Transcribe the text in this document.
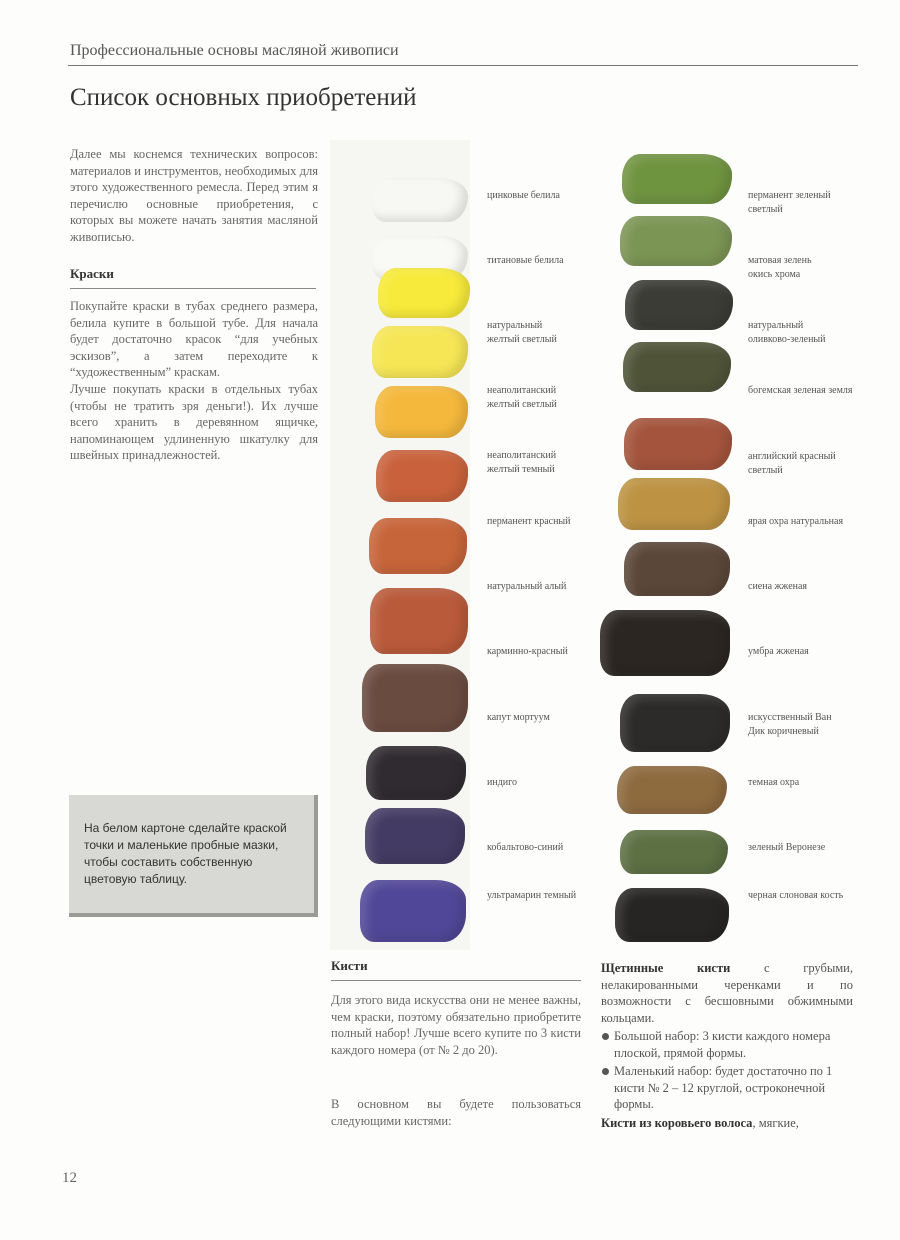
Профессиональные основы масляной живописи
Список основных приобретений

Далее мы коснемся технических вопросов: материалов и инструментов, необходимых для этого художественного ремесла. Перед этим я перечислю основные приобретения, с которых вы можете начать занятия масляной живописью.

Краски

Покупайте краски в тубах среднего размера, белила купите в большой тубе. Для начала будет достаточно красок “для учебных эскизов”, а затем переходите к “художественным” краскам.

Лучше покупать краски в отдельных тубах (чтобы не тратить зря деньги!). Их лучше всего хранить в деревянном ящичке, напоминающем удлиненную шкатулку для швейных принадлежностей.

На белом картоне сделайте краской точки и маленькие пробные мазки, чтобы составить собственную цветовую таблицу.
цинковые белила
титановые белила
натуральный желтый светлый
неаполитанский желтый светлый
неаполитанский желтый темный
перманент красный
натуральный алый
карминно-красный
капут мортуум
индиго
кобальтово-синий
ультрамарин темный
перманент зеленый светлый
матовая зелень окись хрома
натуральный оливково-зеленый
богемская зеленая земля
английский красный светлый
ярая охра натуральная
сиена жженая
умбра жженая
искусственный Ван Дик коричневый
темная охра
зеленый Веронезе
черная слоновая кость
Кисти

Для этого вида искусства они не менее важны, чем краски, поэтому обязательно приобретите полный набор! Лучше всего купите по 3 кисти каждого номера (от № 2 до 20).

В основном вы будете пользоваться следующими кистями:

Щетинные кисти с грубыми, нелакированными черенками и по возможности с бесшовными обжимными кольцами.

Большой набор: 3 кисти каждого номера плоской, прямой формы.
Маленький набор: будет достаточно по 1 кисти № 2 – 12 круглой, остроконечной формы.

Кисти из коровьего волоса, мягкие,

12
